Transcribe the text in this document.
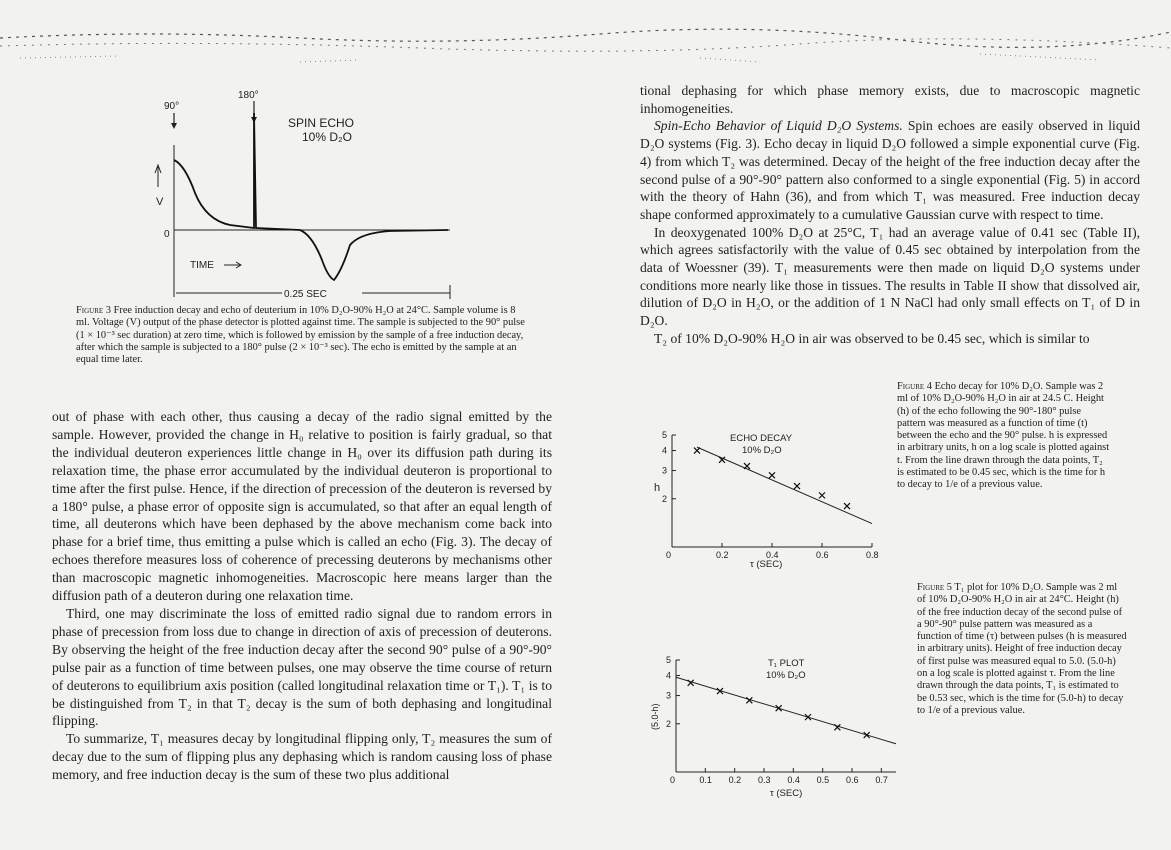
180°
90°
SPIN ECHO
10% D₂O
V
0
TIME
0.25 SEC
Figure 3 Free induction decay and echo of deuterium in 10% D₂O-90% H₂O at 24°C. Sample volume is 8 ml. Voltage (V) output of the phase detector is plotted against time. The sample is subjected to the 90° pulse (1 × 10⁻³ sec duration) at zero time, which is followed by emission by the sample of a free induction decay, after which the sample is subjected to a 180° pulse (2 × 10⁻³ sec). The echo is emitted by the sample at an equal time later.

out of phase with each other, thus causing a decay of the radio signal emitted by the sample. However, provided the change in H₀ relative to position is fairly gradual, so that the individual deuteron experiences little change in H₀ over its diffusion path during its relaxation time, the phase error accumulated by the individual deuteron is proportional to time after the first pulse. Hence, if the direction of precession of the deuteron is reversed by a 180° pulse, a phase error of opposite sign is accumulated, so that after an equal length of time, all deuterons which have been dephased by the above mechanism come back into phase for a brief time, thus emitting a pulse which is called an echo (Fig. 3). The decay of echoes therefore measures loss of coherence of precessing deuterons by mechanisms other than macroscopic magnetic inhomogeneities. Macroscopic here means larger than the diffusion path of a deuteron during one relaxation time.

Third, one may discriminate the loss of emitted radio signal due to random errors in phase of precession from loss due to change in direction of axis of precession of deuterons. By observing the height of the free induction decay after the second 90° pulse of a 90°-90° pulse pair as a function of time between pulses, one may observe the time course of return of deuterons to equilibrium axis position (called longitudinal relaxation time or T₁). T₁ is to be distinguished from T₂ in that T₂ decay is the sum of both dephasing and longitudinal flipping.

To summarize, T₁ measures decay by longitudinal flipping only, T₂ measures the sum of decay due to the sum of flipping plus any dephasing which is random causing loss of phase memory, and free induction decay is the sum of these two plus additional

tional dephasing for which phase memory exists, due to macroscopic magnetic inhomogeneities.

Spin-Echo Behavior of Liquid D₂O Systems. Spin echoes are easily observed in liquid D₂O systems (Fig. 3). Echo decay in liquid D₂O followed a simple exponential curve (Fig. 4) from which T₂ was determined. Decay of the height of the free induction decay after the second pulse of a 90°-90° pattern also conformed to a single exponential (Fig. 5) in accord with the theory of Hahn (36), and from which T₁ was measured. Free induction decay shape conformed approximately to a cumulative Gaussian curve with respect to time.

In deoxygenated 100% D₂O at 25°C, T₁ had an average value of 0.41 sec (Table II), which agrees satisfactorily with the value of 0.45 sec obtained by interpolation from the data of Woessner (39). T₁ measurements were then made on liquid D₂O systems under conditions more nearly like those in tissues. The results in Table II show that dissolved air, dilution of D₂O in H₂O, or the addition of 1 N NaCl had only small effects on T₁ of D in D₂O.

T₂ of 10% D₂O-90% H₂O in air was observed to be 0.45 sec, which is similar to

2
3
4
5
0	0.2	0.4	0.6	0.8
ECHO DECAY
10% D₂O
h
τ (SEC)
Figure 4 Echo decay for 10% D₂O. Sample was 2 ml of 10% D₂O-90% H₂O in air at 24.5 C. Height (h) of the echo following the 90°-180° pulse pattern was measured as a function of time (t) between the echo and the 90° pulse. h is expressed in arbitrary units, h on a log scale is plotted against t. From the line drawn through the data points, T₂ is estimated to be 0.45 sec, which is the time for h to decay to 1/e of a previous value.
2
3
4
5
0	0.1 0.2 0.3 0.4 0.5 0.6 0.7
T₁ PLOT
10% D₂O
(5.0-h)
τ (SEC)
Figure 5 T₁ plot for 10% D₂O. Sample was 2 ml of 10% D₂O-90% H₂O in air at 24°C. Height (h) of the free induction decay of the second pulse of a 90°-90° pulse pattern was measured as a function of time (τ) between pulses (h is measured in arbitrary units). Height of free induction decay of first pulse was measured equal to 5.0. (5.0-h) on a log scale is plotted against τ. From the line drawn through the data points, T₁ is estimated to be 0.53 sec, which is the time for (5.0-h) to decay to 1/e of a previous value.
